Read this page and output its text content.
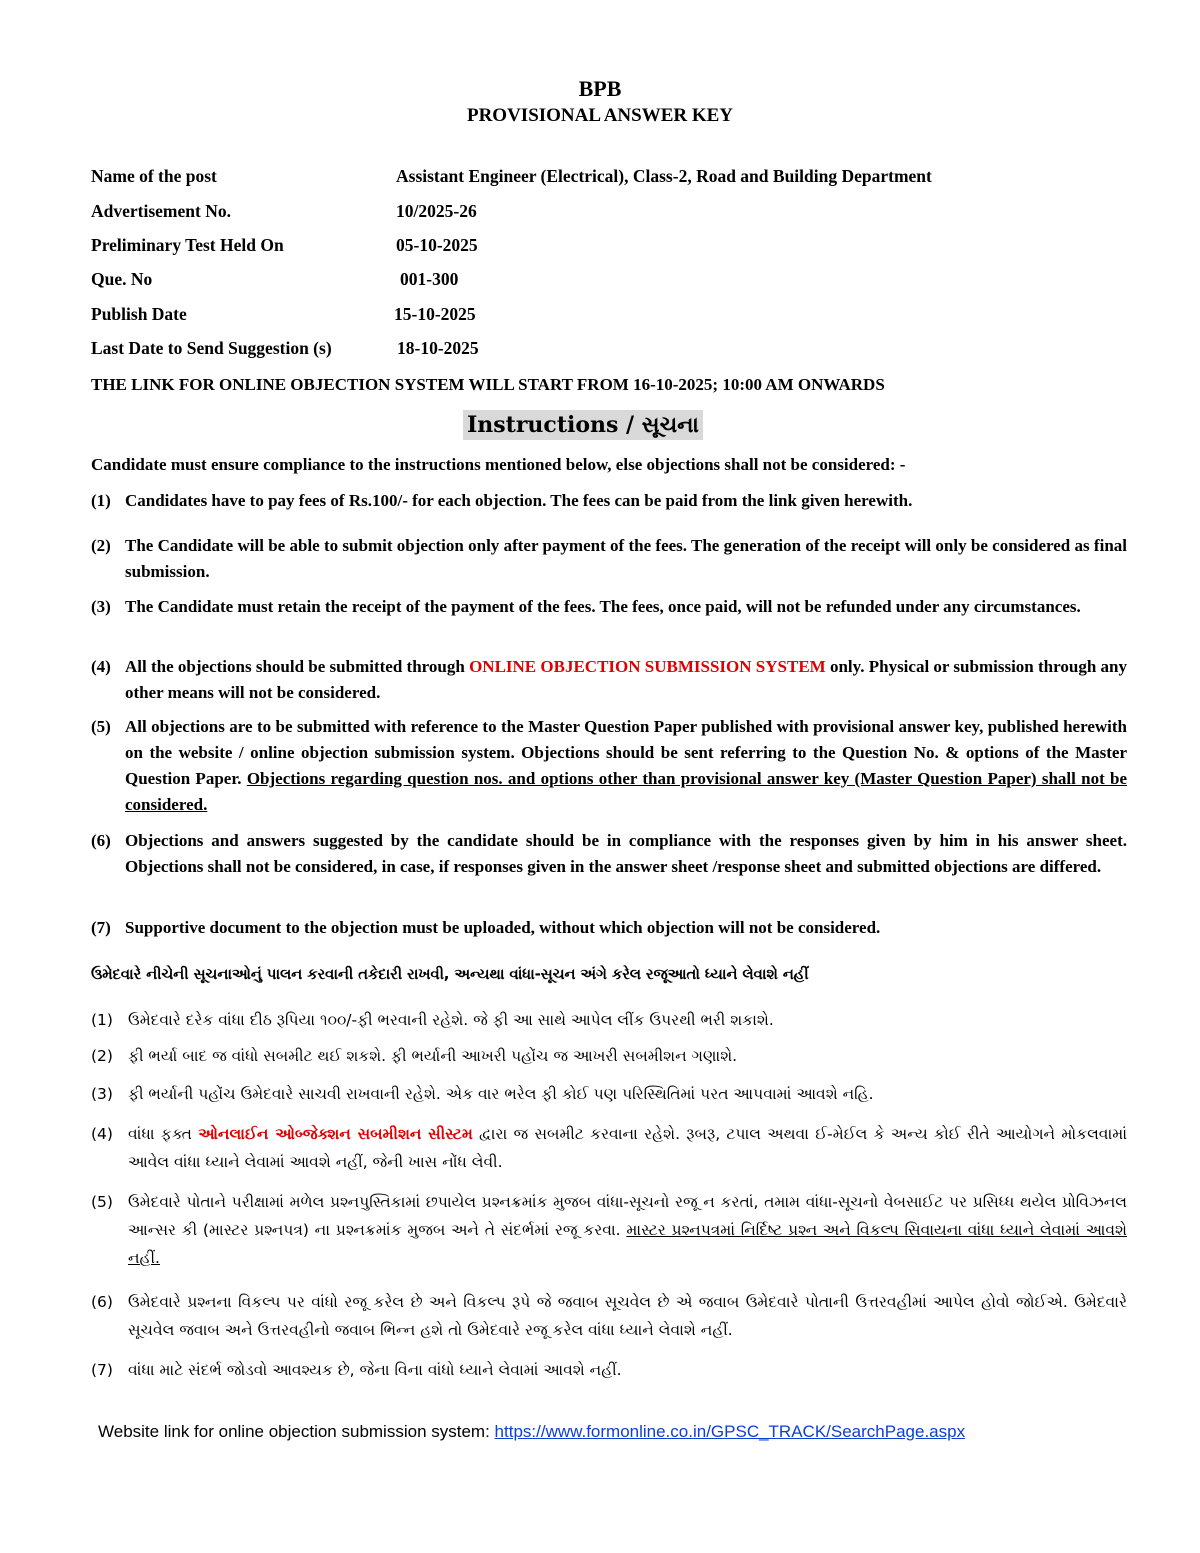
BPB
PROVISIONAL ANSWER KEY
Name of the post	Assistant Engineer (Electrical), Class-2, Road and Building Department
Advertisement No.	10/2025-26
Preliminary Test Held On	05-10-2025
Que. No	001-300
Publish Date	15-10-2025
Last Date to Send Suggestion (s)	18-10-2025
THE LINK FOR ONLINE OBJECTION SYSTEM WILL START FROM 16-10-2025; 10:00 AM ONWARDS
Instructions / સૂચના
Candidate must ensure compliance to the instructions mentioned below, else objections shall not be considered: -
(1) Candidates have to pay fees of Rs.100/- for each objection. The fees can be paid from the link given herewith.
(2) The Candidate will be able to submit objection only after payment of the fees. The generation of the receipt will only be considered as final submission.
(3) The Candidate must retain the receipt of the payment of the fees. The fees, once paid, will not be refunded under any circumstances.
(4) All the objections should be submitted through ONLINE OBJECTION SUBMISSION SYSTEM only. Physical or submission through any other means will not be considered.
(5) All objections are to be submitted with reference to the Master Question Paper published with provisional answer key, published herewith on the website / online objection submission system. Objections should be sent referring to the Question No. & options of the Master Question Paper. Objections regarding question nos. and options other than provisional answer key (Master Question Paper) shall not be considered.
(6) Objections and answers suggested by the candidate should be in compliance with the responses given by him in his answer sheet. Objections shall not be considered, in case, if responses given in the answer sheet /response sheet and submitted objections are differed.
(7) Supportive document to the objection must be uploaded, without which objection will not be considered.
ઉમેદવારે નીચેની સૂચનાઓનું પાલન કરવાની તકેદારી રાખવી, અન્યથા વાંધા-સૂચન અંગે કરેલ રજૂઆતો ધ્યાને લેવાશે નહીં
(1) ઉમેદવારે દરેક વાંધા દીઠ રૂપિયા ૧૦૦/-ફી ભરવાની રહેશે. જે ફી આ સાથે આપેલ લીંક ઉપરથી ભરી શકાશે.
(2) ફી ભર્યા બાદ જ વાંધો સબમીટ થઈ શકશે. ફી ભર્યાની આખરી પહોંચ જ આખરી સબમીશન ગણાશે.
(3) ફી ભર્યાની પહોંચ ઉમેદવારે સાચવી રાખવાની રહેશે. એક વાર ભરેલ ફી કોઈ પણ પરિસ્થિતિમાં પરત આપવામાં આવશે નહિ.
(4) વાંધા ફક્ત ઓનલાઈન ઓબ્જેક્શન સબમીશન સીસ્ટમ દ્વારા જ સબમીટ કરવાના રહેશે. રૂબરૂ, ટપાલ અથવા ઈ-મેઈલ કે અન્ય કોઈ રીતે આયોગને મોકલવામાં આવેલ વાંધા ધ્યાને લેવામાં આવશે નહીં, જેની ખાસ નોંધ લેવી.
(5) ઉમેદવારે પોતાને પરીક્ષામાં મળેલ પ્રશ્નપુસ્તિકામાં છપાયેલ પ્રશ્નક્રમાંક મુજબ વાંધા-સૂચનો રજૂ ન કરતાં, તમામ વાંધા-સૂચનો વેબસાઈટ પર પ્રસિધ્ધ થયેલ પ્રોવિઝનલ આન્સર કી (માસ્ટર પ્રશ્નપત્ર) ના પ્રશ્નક્રમાંક મુજબ અને તે સંદર્ભમાં રજૂ કરવા. માસ્ટર પ્રશ્નપત્રમાં નિર્દિષ્ટ પ્રશ્ન અને વિકલ્પ સિવાયના વાંધા ધ્યાને લેવામાં આવશે નહીં.
(6) ઉમેદવારે પ્રશ્નના વિકલ્પ પર વાંધો રજૂ કરેલ છે અને વિકલ્પ રૂપે જે જવાબ સૂચવેલ છે એ જવાબ ઉમેદવારે પોતાની ઉત્તરવહીમાં આપેલ હોવો જોઈએ. ઉમેદવારે સૂચવેલ જવાબ અને ઉત્તરવહીનો જવાબ ભિન્ન હશે તો ઉમેદવારે રજૂ કરેલ વાંધા ધ્યાને લેવાશે નહીં.
(7) વાંધા માટે સંદર્ભ જોડવો આવશ્યક છે, જેના વિના વાંધો ધ્યાને લેવામાં આવશે નહીં.
Website link for online objection submission system: https://www.formonline.co.in/GPSC_TRACK/SearchPage.aspx
